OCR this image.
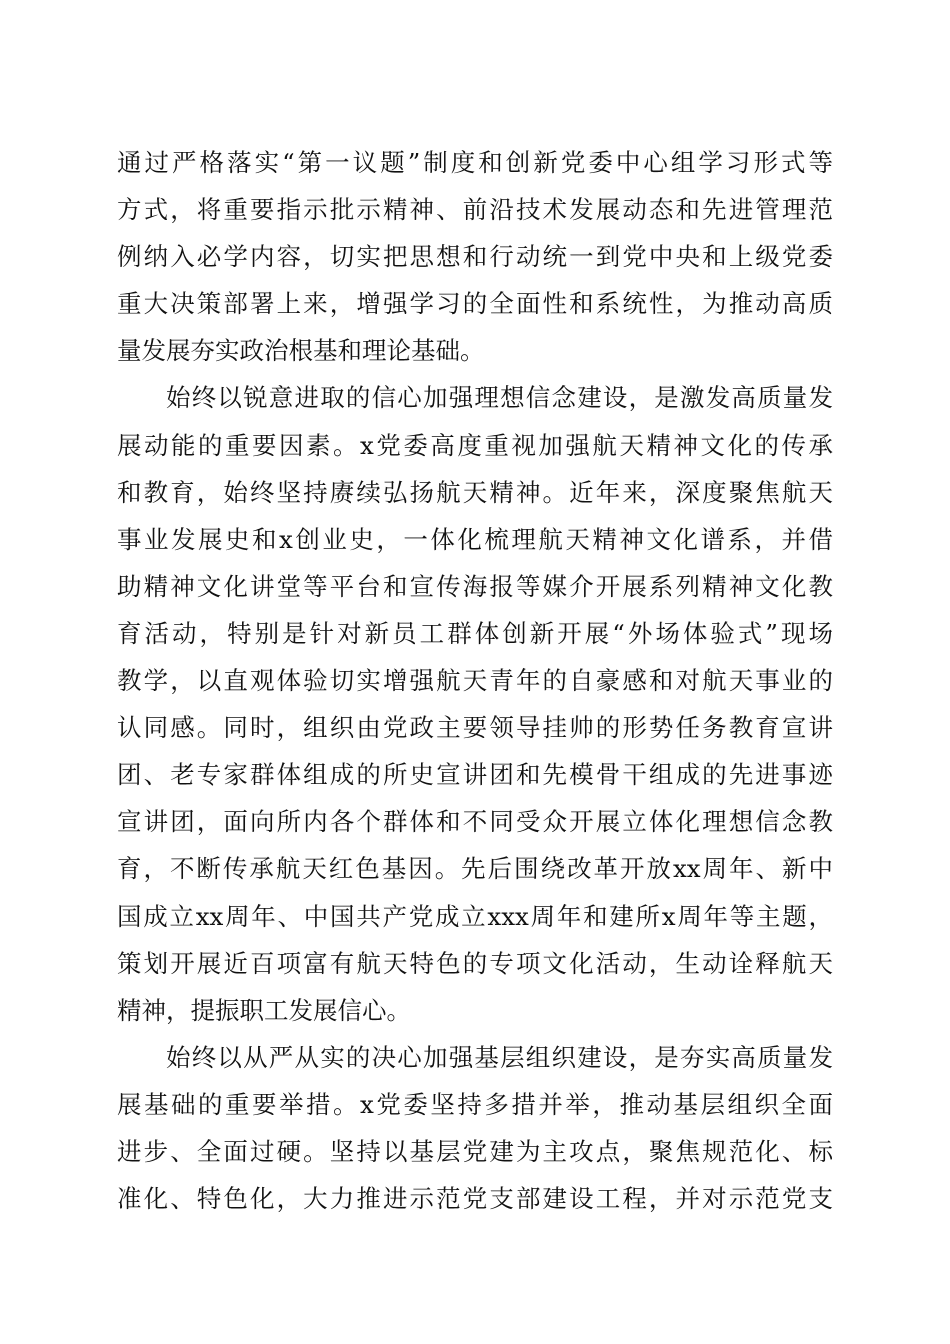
通过严格落实“第一议题”制度和创新党委中心组学习形式等
方式，将重要指示批示精神、前沿技术发展动态和先进管理范
例纳入必学内容，切实把思想和行动统一到党中央和上级党委
重大决策部署上来，增强学习的全面性和系统性，为推动高质
量发展夯实政治根基和理论基础。
始终以锐意进取的信心加强理想信念建设，是激发高质量发
展动能的重要因素。x党委高度重视加强航天精神文化的传承
和教育，始终坚持赓续弘扬航天精神。近年来，深度聚焦航天
事业发展史和x创业史，一体化梳理航天精神文化谱系，并借
助精神文化讲堂等平台和宣传海报等媒介开展系列精神文化教
育活动，特别是针对新员工群体创新开展“外场体验式”现场
教学，以直观体验切实增强航天青年的自豪感和对航天事业的
认同感。同时，组织由党政主要领导挂帅的形势任务教育宣讲
团、老专家群体组成的所史宣讲团和先模骨干组成的先进事迹
宣讲团，面向所内各个群体和不同受众开展立体化理想信念教
育，不断传承航天红色基因。先后围绕改革开放xx周年、新中
国成立xx周年、中国共产党成立xxx周年和建所x周年等主题，
策划开展近百项富有航天特色的专项文化活动，生动诠释航天
精神，提振职工发展信心。
始终以从严从实的决心加强基层组织建设，是夯实高质量发
展基础的重要举措。x党委坚持多措并举，推动基层组织全面
进步、全面过硬。坚持以基层党建为主攻点，聚焦规范化、标
准化、特色化，大力推进示范党支部建设工程，并对示范党支
